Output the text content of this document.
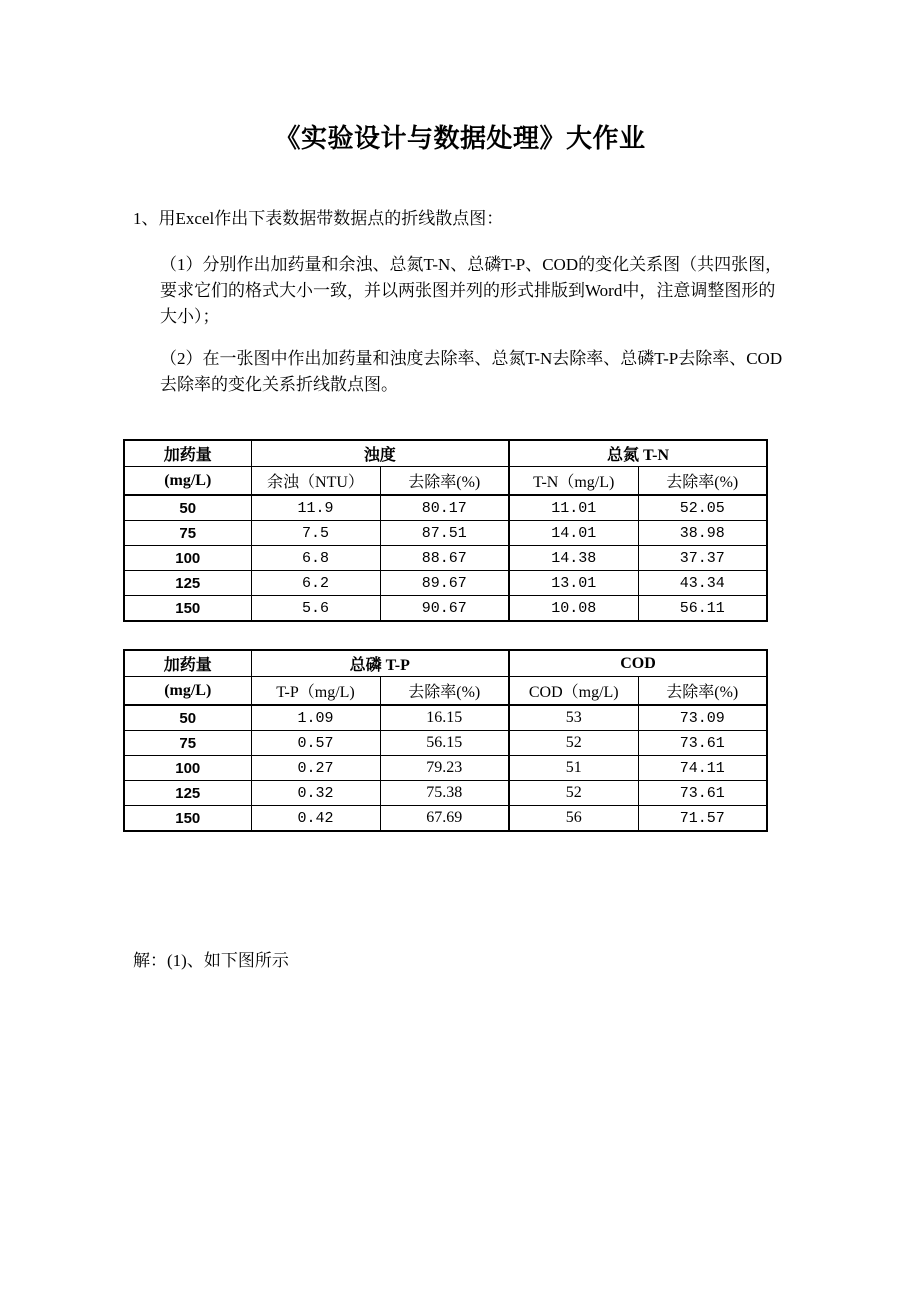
《实验设计与数据处理》大作业

1、用Excel作出下表数据带数据点的折线散点图：

（1）分别作出加药量和余浊、总氮T-N、总磷T-P、COD的变化关系图（共四张图，要求它们的格式大小一致，并以两张图并列的形式排版到Word中，注意调整图形的大小）；

（2）在一张图中作出加药量和浊度去除率、总氮T-N去除率、总磷T-P去除率、COD去除率的变化关系折线散点图。

加药量	浊度		总氮 T-N	
(mg/L)	余浊（NTU）	去除率(%)	T-N（mg/L)	去除率(%)
50	11.9	80.17	11.01	52.05
75	7.5	87.51	14.01	38.98
100	6.8	88.67	14.38	37.37
125	6.2	89.67	13.01	43.34
150	5.6	90.67	10.08	56.11
加药量	总磷 T-P		COD	
(mg/L)	T-P（mg/L)	去除率(%)	COD（mg/L)	去除率(%)
50	1.09	16.15	53	73.09
75	0.57	56.15	52	73.61
100	0.27	79.23	51	74.11
125	0.32	75.38	52	73.61
150	0.42	67.69	56	71.57

解：(1)、如下图所示
